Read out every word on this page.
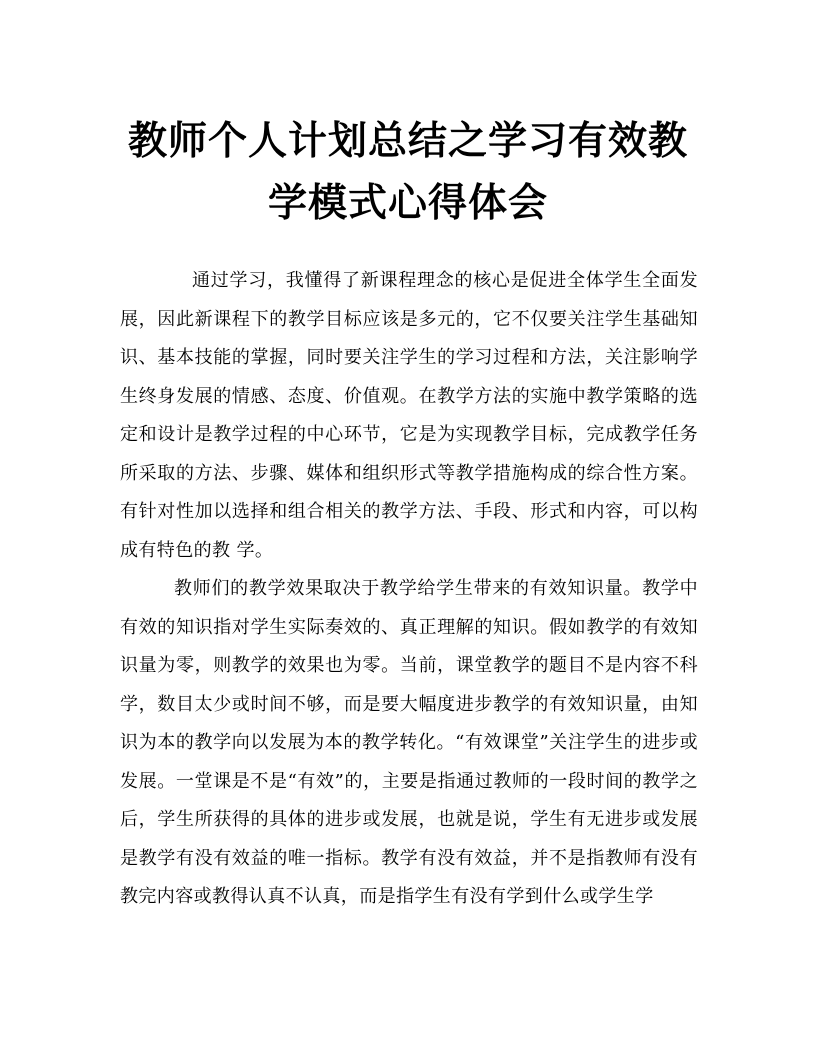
教师个人计划总结之学习有效教学模式心得体会

通过学习，我懂得了新课程理念的核心是促进全体学生全面发展，因此新课程下的教学目标应该是多元的，它不仅要关注学生基础知识、基本技能的掌握，同时要关注学生的学习过程和方法，关注影响学生终身发展的情感、态度、价值观。在教学方法的实施中教学策略的选定和设计是教学过程的中心环节，它是为实现教学目标，完成教学任务所采取的方法、步骤、媒体和组织形式等教学措施构成的综合性方案。有针对性加以选择和组合相关的教学方法、手段、形式和内容，可以构成有特色的教 学。

教师们的教学效果取决于教学给学生带来的有效知识量。教学中有效的知识指对学生实际奏效的、真正理解的知识。假如教学的有效知识量为零，则教学的效果也为零。当前，课堂教学的题目不是内容不科学，数目太少或时间不够，而是要大幅度进步教学的有效知识量，由知识为本的教学向以发展为本的教学转化。“有效课堂”关注学生的进步或发展。一堂课是不是“有效”的，主要是指通过教师的一段时间的教学之后，学生所获得的具体的进步或发展，也就是说，学生有无进步或发展是教学有没有效益的唯一指标。教学有没有效益，并不是指教师有没有教完内容或教得认真不认真，而是指学生有没有学到什么或学生学
